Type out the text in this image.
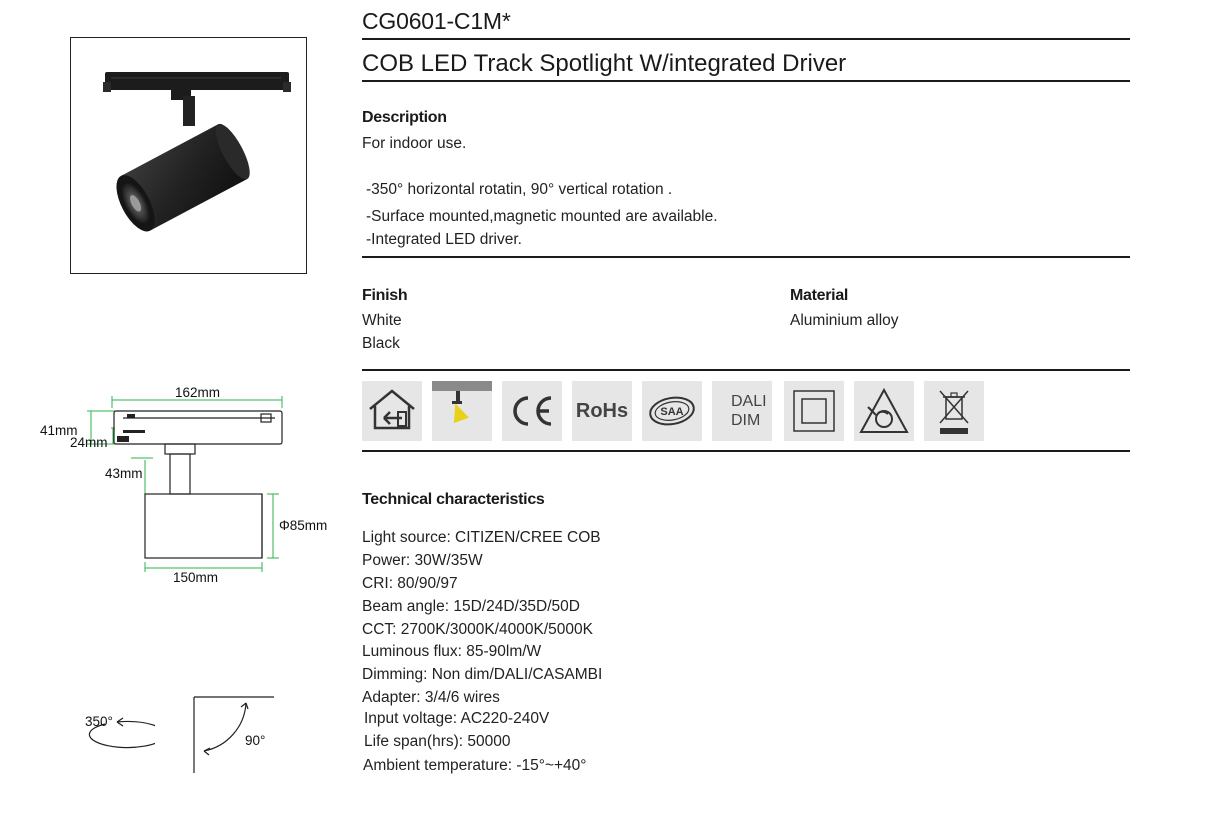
162mm
41mm
24mm
43mm
Φ85mm
150mm
350°
90°
CG0601-C1M*
COB LED Track Spotlight W/integrated Driver
Description
For indoor use.
-350° horizontal rotatin, 90° vertical rotation .
-Surface mounted,magnetic mounted are available.
-Integrated LED driver.
Finish
White
Black
Material
Aluminium alloy
RoHs	SAA
DALI
DIM
Technical characteristics
Light source: CITIZEN/CREE COB
Power: 30W/35W
CRI: 80/90/97
Beam angle: 15D/24D/35D/50D
CCT: 2700K/3000K/4000K/5000K
Luminous flux: 85-90lm/W
Dimming: Non dim/DALI/CASAMBI
Adapter: 3/4/6 wires
Input voltage: AC220-240V
Life span(hrs): 50000
Ambient temperature: -15°~+40°
